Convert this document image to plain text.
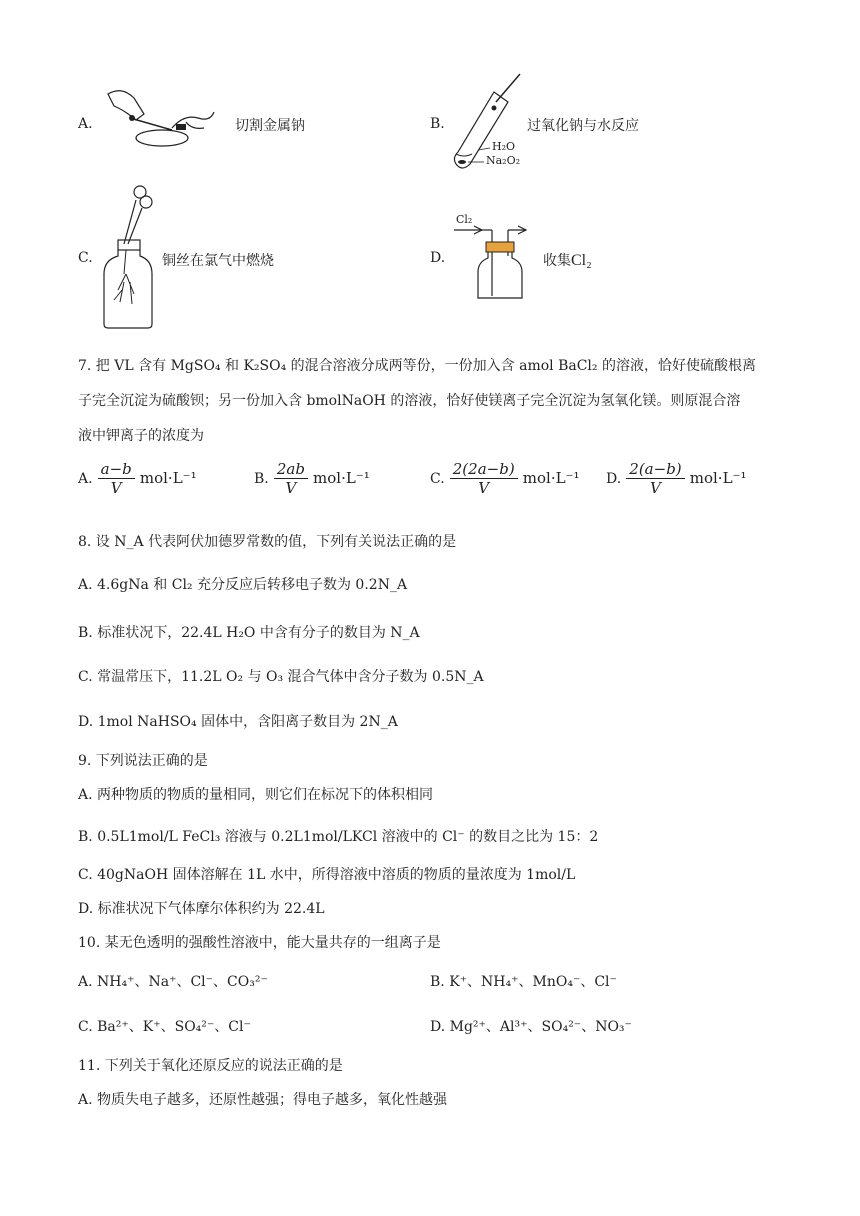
A.	切割金属钠	B.
H₂O
Na₂O₂
过氧化钠与水反应
C.	铜丝在氯气中燃烧	D.
Cl₂
收集Cl₂
7. 把 VL 含有 MgSO₄ 和 K₂SO₄ 的混合溶液分成两等份，一份加入含 amol BaCl₂ 的溶液，恰好使硫酸根离
子完全沉淀为硫酸钡；另一份加入含 bmolNaOH 的溶液，恰好使镁离子完全沉淀为氢氧化镁。则原混合溶
液中钾离子的浓度为
A. $\frac{a-b}{V} mol\cdot L^{-1}$	B. $\frac{2ab}{V} mol\cdot L^{-1}$	C. $\frac{2(2a-b)}{V} mol\cdot L^{-1}$ D. $\frac{2(a-b)}{V} mol\cdot L^{-1}$
8. 设 N_A 代表阿伏加德罗常数的值，下列有关说法正确的是
A. 4.6gNa 和 Cl₂ 充分反应后转移电子数为 0.2N_A
B. 标准状况下，22.4L H₂O 中含有分子的数目为 N_A
C. 常温常压下，11.2L O₂ 与 O₃ 混合气体中含分子数为 0.5N_A
D. 1mol NaHSO₄ 固体中，含阳离子数目为 2N_A
9. 下列说法正确的是
A. 两种物质的物质的量相同，则它们在标况下的体积相同
B. 0.5L1mol/L FeCl₃ 溶液与 0.2L1mol/LKCl 溶液中的 Cl⁻ 的数目之比为 15：2
C. 40gNaOH 固体溶解在 1L 水中，所得溶液中溶质的物质的量浓度为 1mol/L
D. 标准状况下气体摩尔体积约为 22.4L
10. 某无色透明的强酸性溶液中，能大量共存的一组离子是
A. NH₄⁺、Na⁺、Cl⁻、CO₃²⁻	B. K⁺、NH₄⁺、MnO₄⁻、Cl⁻
C. Ba²⁺、K⁺、SO₄²⁻、Cl⁻	D. Mg²⁺、Al³⁺、SO₄²⁻、NO₃⁻
11. 下列关于氧化还原反应的说法正确的是
A. 物质失电子越多，还原性越强；得电子越多，氧化性越强
